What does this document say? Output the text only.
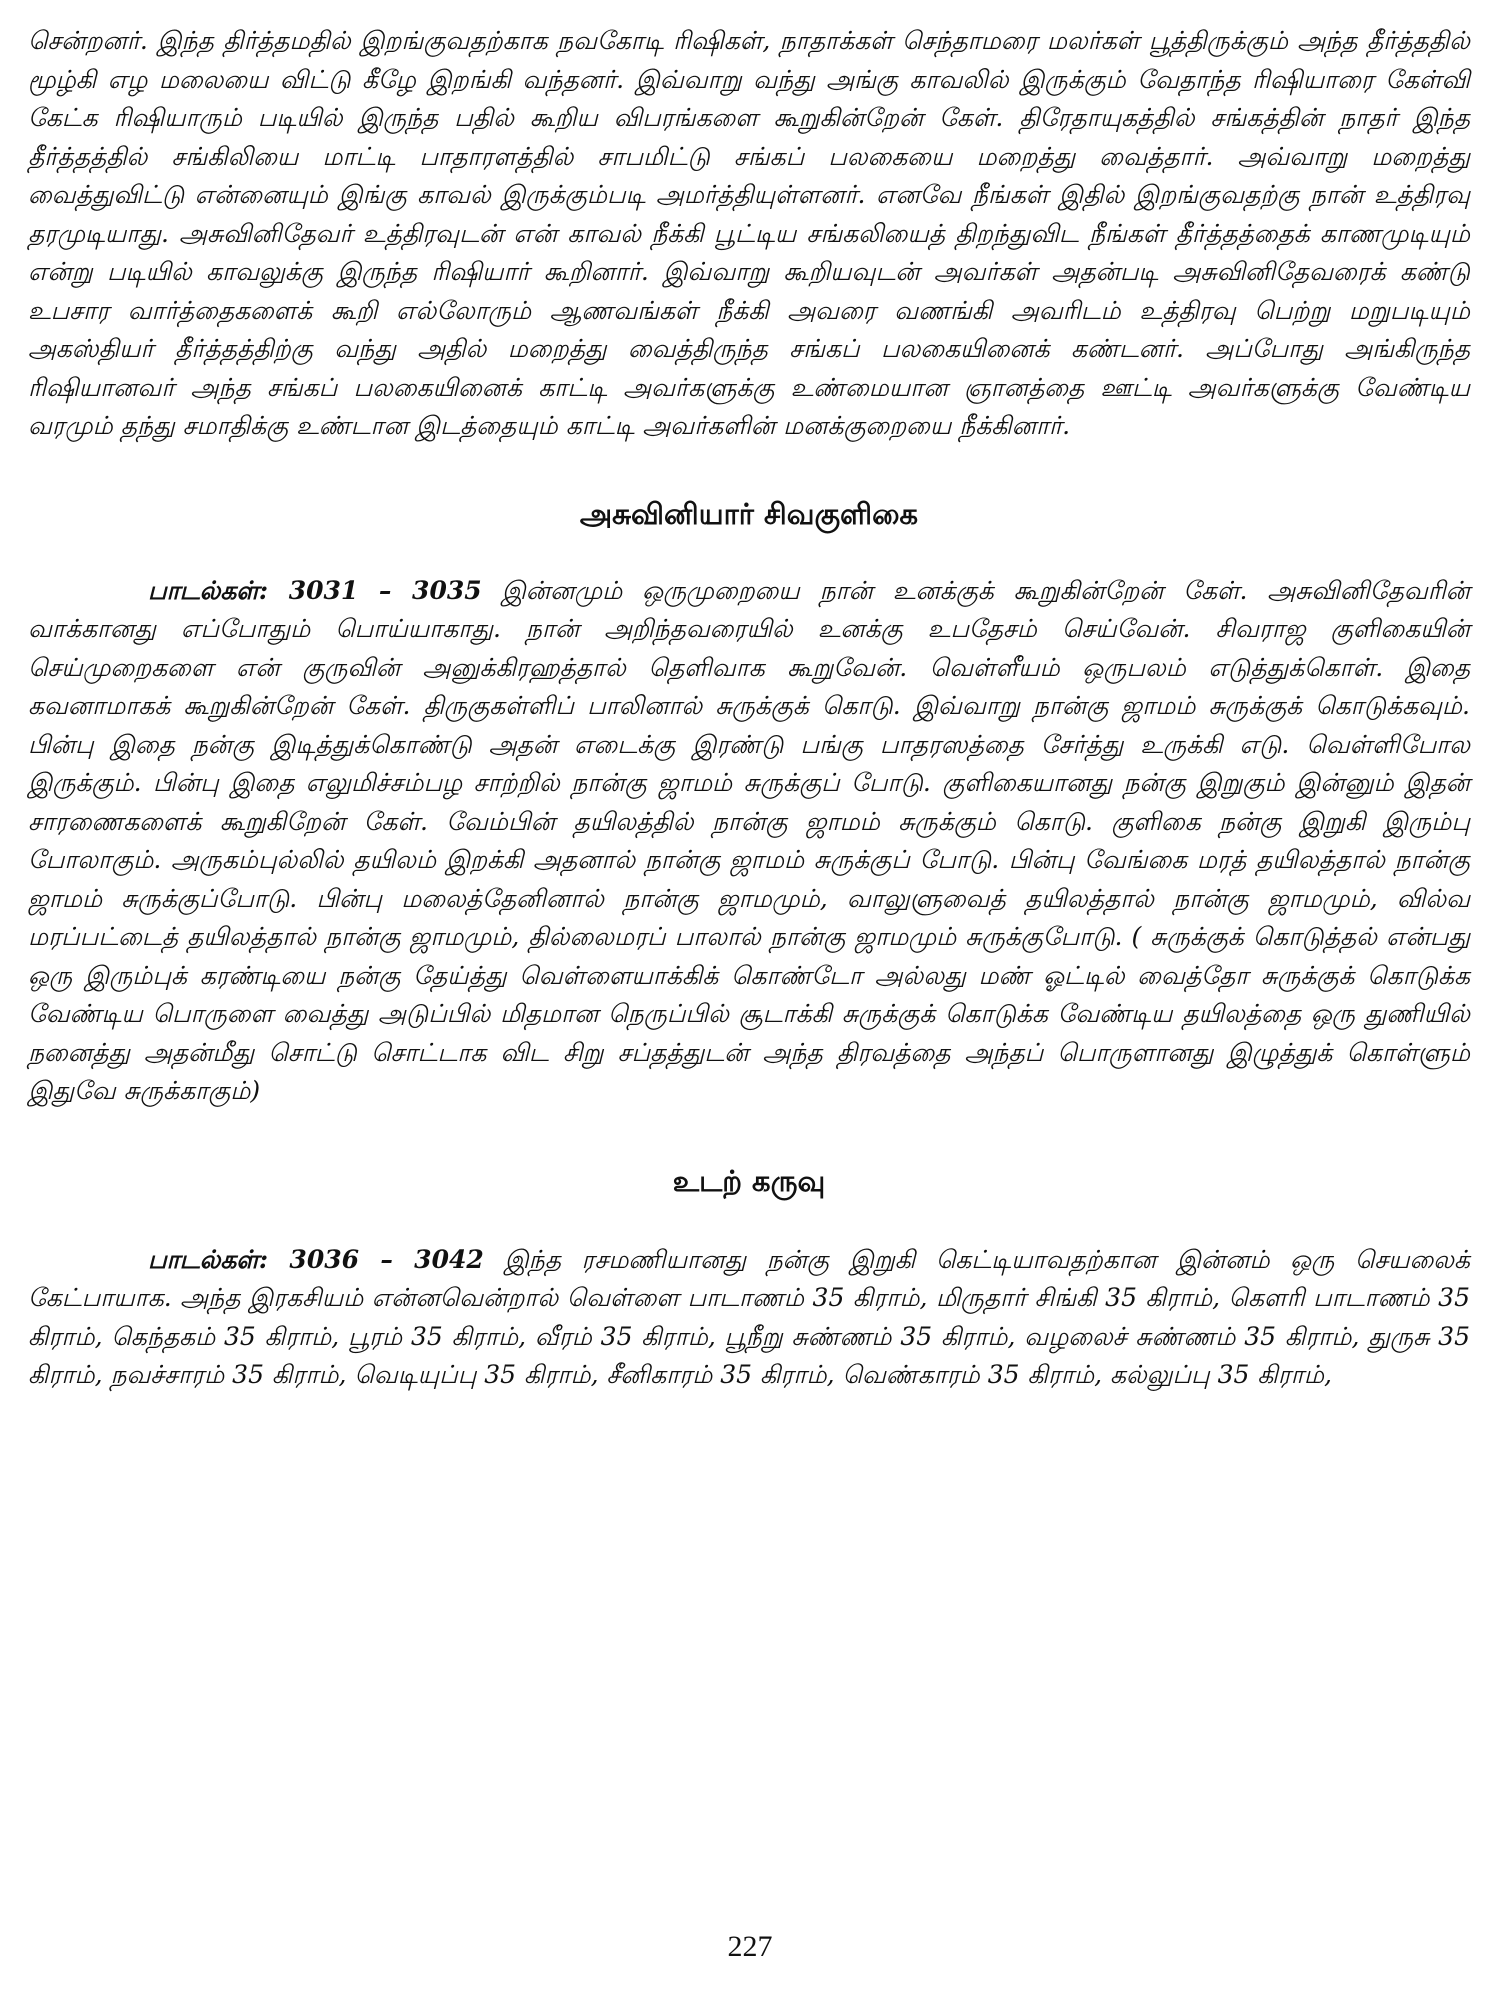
சென்றனர். இந்த திர்த்தமதில் இறங்குவதற்காக நவகோடி ரிஷிகள், நாதாக்கள் செந்தாமரை மலர்கள் பூத்திருக்கும் அந்த தீர்த்ததில் மூழ்கி எழ மலையை விட்டு கீழே இறங்கி வந்தனர். இவ்வாறு வந்து அங்கு காவலில் இருக்கும் வேதாந்த ரிஷியாரை கேள்வி கேட்க ரிஷியாரும் படியில் இருந்த பதில் கூறிய விபரங்களை கூறுகின்றேன் கேள். திரேதாயுகத்தில் சங்கத்தின் நாதர் இந்த தீர்த்தத்தில் சங்கிலியை மாட்டி பாதாரளத்தில் சாபமிட்டு சங்கப் பலகையை மறைத்து வைத்தார். அவ்வாறு மறைத்து வைத்துவிட்டு என்னையும் இங்கு காவல் இருக்கும்படி அமர்த்தியுள்ளனர். எனவே நீங்கள் இதில் இறங்குவதற்கு நான் உத்திரவு தரமுடியாது. அசுவினிதேவர் உத்திரவுடன் என் காவல் நீக்கி பூட்டிய சங்கலியைத் திறந்துவிட நீங்கள் தீர்த்தத்தைக் காணமுடியும் என்று படியில் காவலுக்கு இருந்த ரிஷியார் கூறினார். இவ்வாறு கூறியவுடன் அவர்கள் அதன்படி அசுவினிதேவரைக் கண்டு உபசார வார்த்தைகளைக் கூறி எல்லோரும் ஆணவங்கள் நீக்கி அவரை வணங்கி அவரிடம் உத்திரவு பெற்று மறுபடியும் அகஸ்தியர் தீர்த்தத்திற்கு வந்து அதில் மறைத்து வைத்திருந்த சங்கப் பலகையினைக் கண்டனர். அப்போது அங்கிருந்த ரிஷியானவர் அந்த சங்கப் பலகையினைக் காட்டி அவர்களுக்கு உண்மையான ஞானத்தை ஊட்டி அவர்களுக்கு வேண்டிய வரமும் தந்து சமாதிக்கு உண்டான இடத்தையும் காட்டி அவர்களின் மனக்குறையை நீக்கினார்.

அசுவினியார் சிவகுளிகை

பாடல்கள்: 3031 – 3035 இன்னமும் ஒருமுறையை நான் உனக்குக் கூறுகின்றேன் கேள். அசுவினிதேவரின் வாக்கானது எப்போதும் பொய்யாகாது. நான் அறிந்தவரையில் உனக்கு உபதேசம் செய்வேன். சிவராஜ குளிகையின் செய்முறைகளை என் குருவின் அனுக்கிரஹத்தால் தெளிவாக கூறுவேன். வெள்ளீயம் ஒருபலம் எடுத்துக்கொள். இதை கவனாமாகக் கூறுகின்றேன் கேள். திருகுகள்ளிப் பாலினால் சுருக்குக் கொடு. இவ்வாறு நான்கு ஜாமம் சுருக்குக் கொடுக்கவும். பின்பு இதை நன்கு இடித்துக்கொண்டு அதன் எடைக்கு இரண்டு பங்கு பாதரஸத்தை சேர்த்து உருக்கி எடு. வெள்ளிபோல இருக்கும். பின்பு இதை எலுமிச்சம்பழ சாற்றில் நான்கு ஜாமம் சுருக்குப் போடு. குளிகையானது நன்கு இறுகும் இன்னும் இதன் சாரணைகளைக் கூறுகிறேன் கேள். வேம்பின் தயிலத்தில் நான்கு ஜாமம் சுருக்கும் கொடு. குளிகை நன்கு இறுகி இரும்பு போலாகும். அருகம்புல்லில் தயிலம் இறக்கி அதனால் நான்கு ஜாமம் சுருக்குப் போடு. பின்பு வேங்கை மரத் தயிலத்தால் நான்கு ஜாமம் சுருக்குப்போடு. பின்பு மலைத்தேனினால் நான்கு ஜாமமும், வாலுளுவைத் தயிலத்தால் நான்கு ஜாமமும், வில்வ மரப்பட்டைத் தயிலத்தால் நான்கு ஜாமமும், தில்லைமரப் பாலால் நான்கு ஜாமமும் சுருக்குபோடு. ( சுருக்குக் கொடுத்தல் என்பது ஒரு இரும்புக் கரண்டியை நன்கு தேய்த்து வெள்ளையாக்கிக் கொண்டோ அல்லது மண் ஓட்டில் வைத்தோ சுருக்குக் கொடுக்க வேண்டிய பொருளை வைத்து அடுப்பில் மிதமான நெருப்பில் சூடாக்கி சுருக்குக் கொடுக்க வேண்டிய தயிலத்தை ஒரு துணியில் நனைத்து அதன்மீது சொட்டு சொட்டாக விட சிறு சப்தத்துடன் அந்த திரவத்தை அந்தப் பொருளானது இழுத்துக் கொள்ளும் இதுவே சுருக்காகும்)

உடற் கருவு

பாடல்கள்: 3036 – 3042 இந்த ரசமணியானது நன்கு இறுகி கெட்டியாவதற்கான இன்னம் ஒரு செயலைக் கேட்பாயாக. அந்த இரகசியம் என்னவென்றால் வெள்ளை பாடாணம் 35 கிராம், மிருதார் சிங்கி 35 கிராம், கௌரி பாடாணம் 35 கிராம், கெந்தகம் 35 கிராம், பூரம் 35 கிராம், வீரம் 35 கிராம், பூநீறு சுண்ணம் 35 கிராம், வழலைச் சுண்ணம் 35 கிராம், துருசு 35 கிராம், நவச்சாரம் 35 கிராம், வெடியுப்பு 35 கிராம், சீனிகாரம் 35 கிராம், வெண்காரம் 35 கிராம், கல்லுப்பு 35 கிராம்,

227
